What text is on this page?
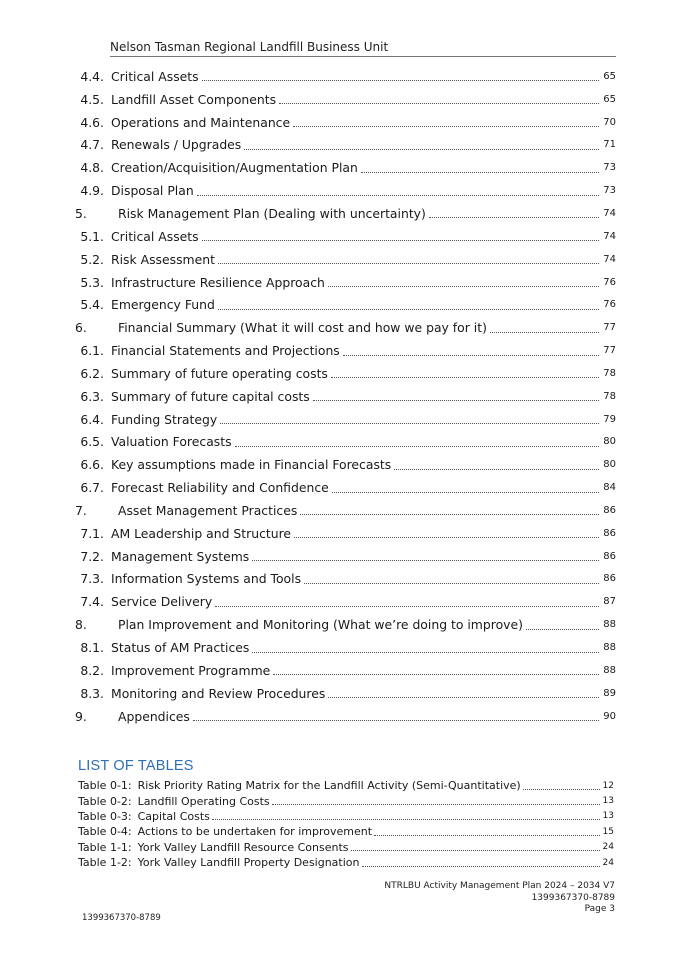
Nelson Tasman Regional Landfill Business Unit
4.4. Critical Assets	65
4.5. Landfill Asset Components	65
4.6. Operations and Maintenance	70
4.7. Renewals / Upgrades	71
4.8. Creation/Acquisition/Augmentation Plan	73
4.9. Disposal Plan	73
5.	Risk Management Plan (Dealing with uncertainty)	74
5.1. Critical Assets	74
5.2. Risk Assessment	74
5.3. Infrastructure Resilience Approach	76
5.4. Emergency Fund	76
6.	Financial Summary (What it will cost and how we pay for it)	77
6.1. Financial Statements and Projections	77
6.2. Summary of future operating costs	78
6.3. Summary of future capital costs	78
6.4. Funding Strategy	79
6.5. Valuation Forecasts	80
6.6. Key assumptions made in Financial Forecasts	80
6.7. Forecast Reliability and Confidence	84
7.	Asset Management Practices	86
7.1. AM Leadership and Structure	86
7.2. Management Systems	86
7.3. Information Systems and Tools	86
7.4. Service Delivery	87
8.	Plan Improvement and Monitoring (What we’re doing to improve)	88
8.1. Status of AM Practices	88
8.2. Improvement Programme	88
8.3. Monitoring and Review Procedures	89
9.	Appendices	90
LIST OF TABLES
Table 0-1: Risk Priority Rating Matrix for the Landfill Activity (Semi-Quantitative)	12
Table 0-2: Landfill Operating Costs	13
Table 0-3: Capital Costs	13
Table 0-4: Actions to be undertaken for improvement	15
Table 1-1: York Valley Landfill Resource Consents	24
Table 1-2: York Valley Landfill Property Designation	24
NTRLBU Activity Management Plan 2024 – 2034 V7
1399367370-8789
Page 3
1399367370-8789
